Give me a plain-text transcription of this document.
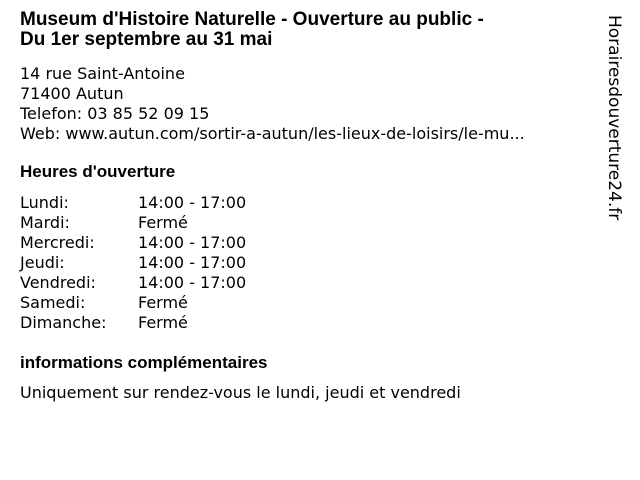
Museum d'Histoire Naturelle - Ouverture au public -
Du 1er septembre au 31 mai
14 rue Saint-Antoine
71400 Autun
Telefon: 03 85 52 09 15
Web: www.autun.com/sortir-a-autun/les-lieux-de-loisirs/le-mu...
Heures d'ouverture
Lundi:	14:00 - 17:00
Mardi:	Fermé
Mercredi:	14:00 - 17:00
Jeudi:	14:00 - 17:00
Vendredi:	14:00 - 17:00
Samedi:	Fermé
Dimanche:	Fermé
informations complémentaires
Uniquement sur rendez-vous le lundi, jeudi et vendredi
Horairesdouverture24.fr
